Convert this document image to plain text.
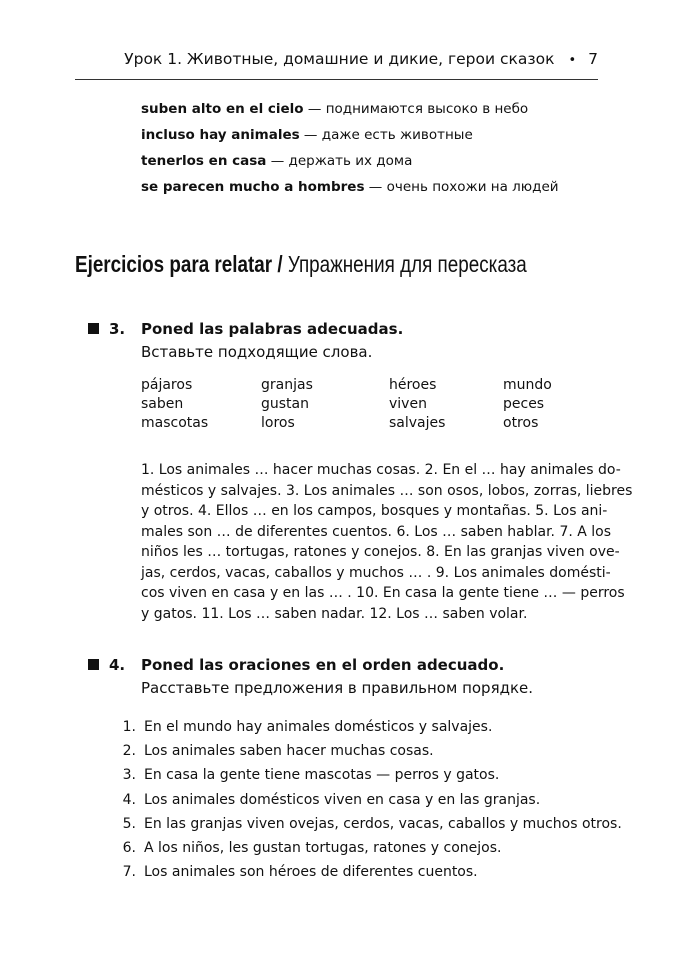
Урок 1. Животные, домашние и дикие, герои сказок • 7
suben alto en el cielo — поднимаются высоко в небо
incluso hay animales — даже есть животные
tenerlos en casa — держать их дома
se parecen mucho a hombres — очень похожи на людей
Ejercicios para relatar / Упражнения для пересказа
3. Poned las palabras adecuadas.
Вставьте подходящие слова.
pájaros	granjas	héroes	mundo
saben	gustan	viven	peces
mascotas	loros	salvajes	otros
1. Los animales … hacer muchas cosas. 2. En el … hay animales do-
mésticos y salvajes. 3. Los animales … son osos, lobos, zorras, liebres
y otros. 4. Ellos … en los campos, bosques y montañas. 5. Los ani-
males son … de diferentes cuentos. 6. Los … saben hablar. 7. A los
niños les … tortugas, ratones y conejos. 8. En las granjas viven ove-
jas, cerdos, vacas, caballos y muchos … . 9. Los animales domésti-
cos viven en casa y en las … . 10. En casa la gente tiene … — perros
y gatos. 11. Los … saben nadar. 12. Los … saben volar.
4. Poned las oraciones en el orden adecuado.
Расставьте предложения в правильном порядке.
1. En el mundo hay animales domésticos y salvajes.
2. Los animales saben hacer muchas cosas.
3. En casa la gente tiene mascotas — perros y gatos.
4. Los animales domésticos viven en casa y en las granjas.
5. En las granjas viven ovejas, cerdos, vacas, caballos y muchos otros.
6. A los niños, les gustan tortugas, ratones y conejos.
7. Los animales son héroes de diferentes cuentos.
